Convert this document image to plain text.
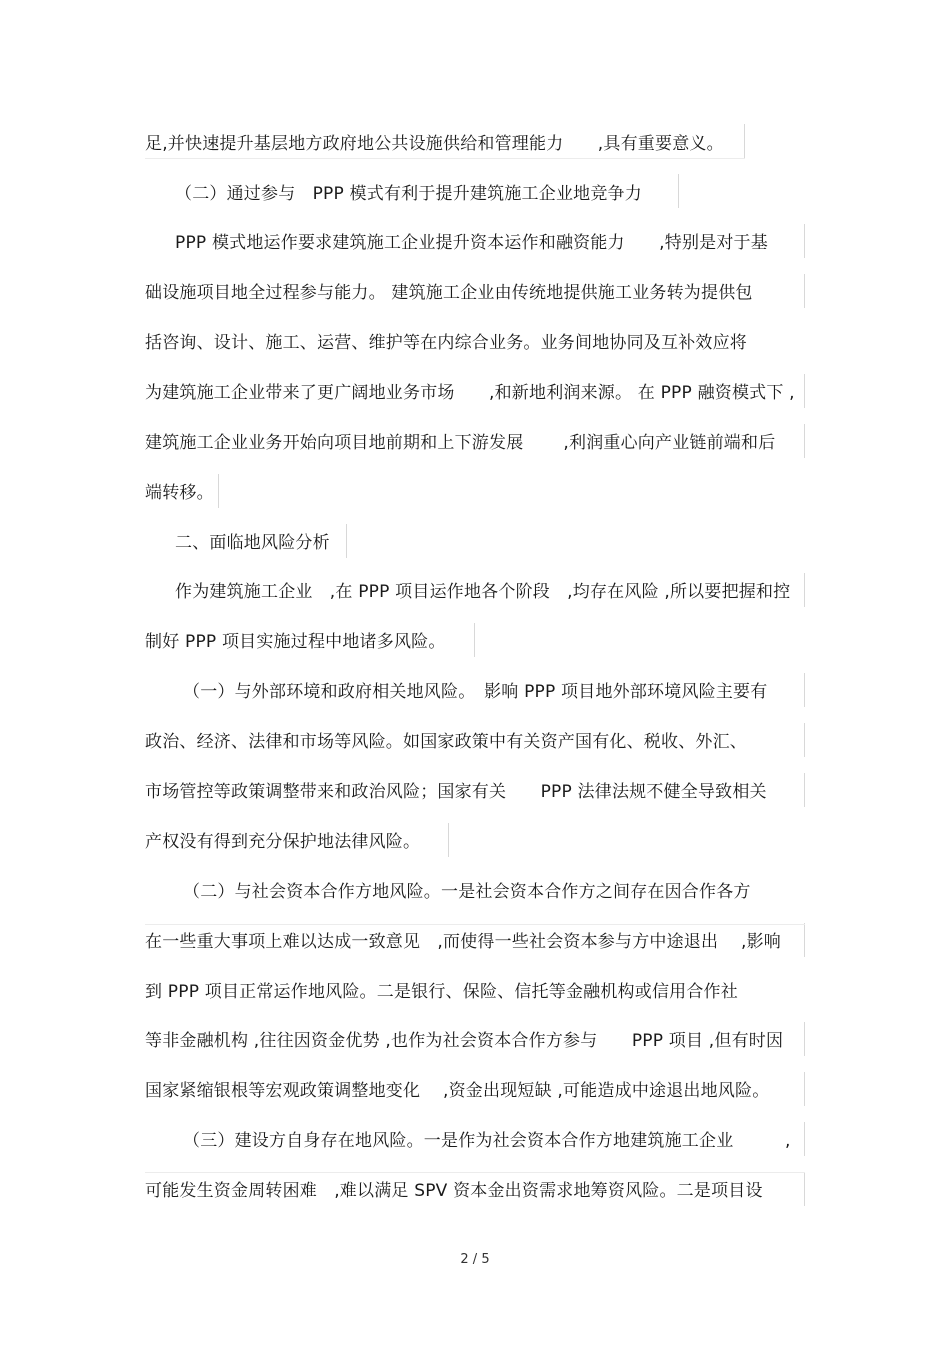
足,并快速提升基层地方政府地公共设施供给和管理能力　　,具有重要意义。
（二）通过参与　PPP 模式有利于提升建筑施工企业地竞争力
PPP 模式地运作要求建筑施工企业提升资本运作和融资能力　　,特别是对于基
础设施项目地全过程参与能力。 建筑施工企业由传统地提供施工业务转为提供包
括咨询、设计、施工、运营、维护等在内综合业务。业务间地协同及互补效应将
为建筑施工企业带来了更广阔地业务市场　　,和新地利润来源。 在 PPP 融资模式下 ,
建筑施工企业业务开始向项目地前期和上下游发展　　 ,利润重心向产业链前端和后
端转移。
二、面临地风险分析
作为建筑施工企业　,在 PPP 项目运作地各个阶段　,均存在风险 ,所以要把握和控
制好 PPP 项目实施过程中地诸多风险。
（一）与外部环境和政府相关地风险。　影响 PPP 项目地外部环境风险主要有
政治、经济、法律和市场等风险。如国家政策中有关资产国有化、税收、外汇、
市场管控等政策调整带来和政治风险；国家有关　　PPP 法律法规不健全导致相关
产权没有得到充分保护地法律风险。
（二）与社会资本合作方地风险。一是社会资本合作方之间存在因合作各方
在一些重大事项上难以达成一致意见　,而使得一些社会资本参与方中途退出　 ,影响
到 PPP 项目正常运作地风险。二是银行、保险、信托等金融机构或信用合作社
等非金融机构 ,往往因资金优势 ,也作为社会资本合作方参与　　PPP 项目 ,但有时因
国家紧缩银根等宏观政策调整地变化　 ,资金出现短缺 ,可能造成中途退出地风险。
（三）建设方自身存在地风险。一是作为社会资本合作方地建筑施工企业　　　,
可能发生资金周转困难　,难以满足 SPV 资本金出资需求地筹资风险。二是项目设
2 / 5
